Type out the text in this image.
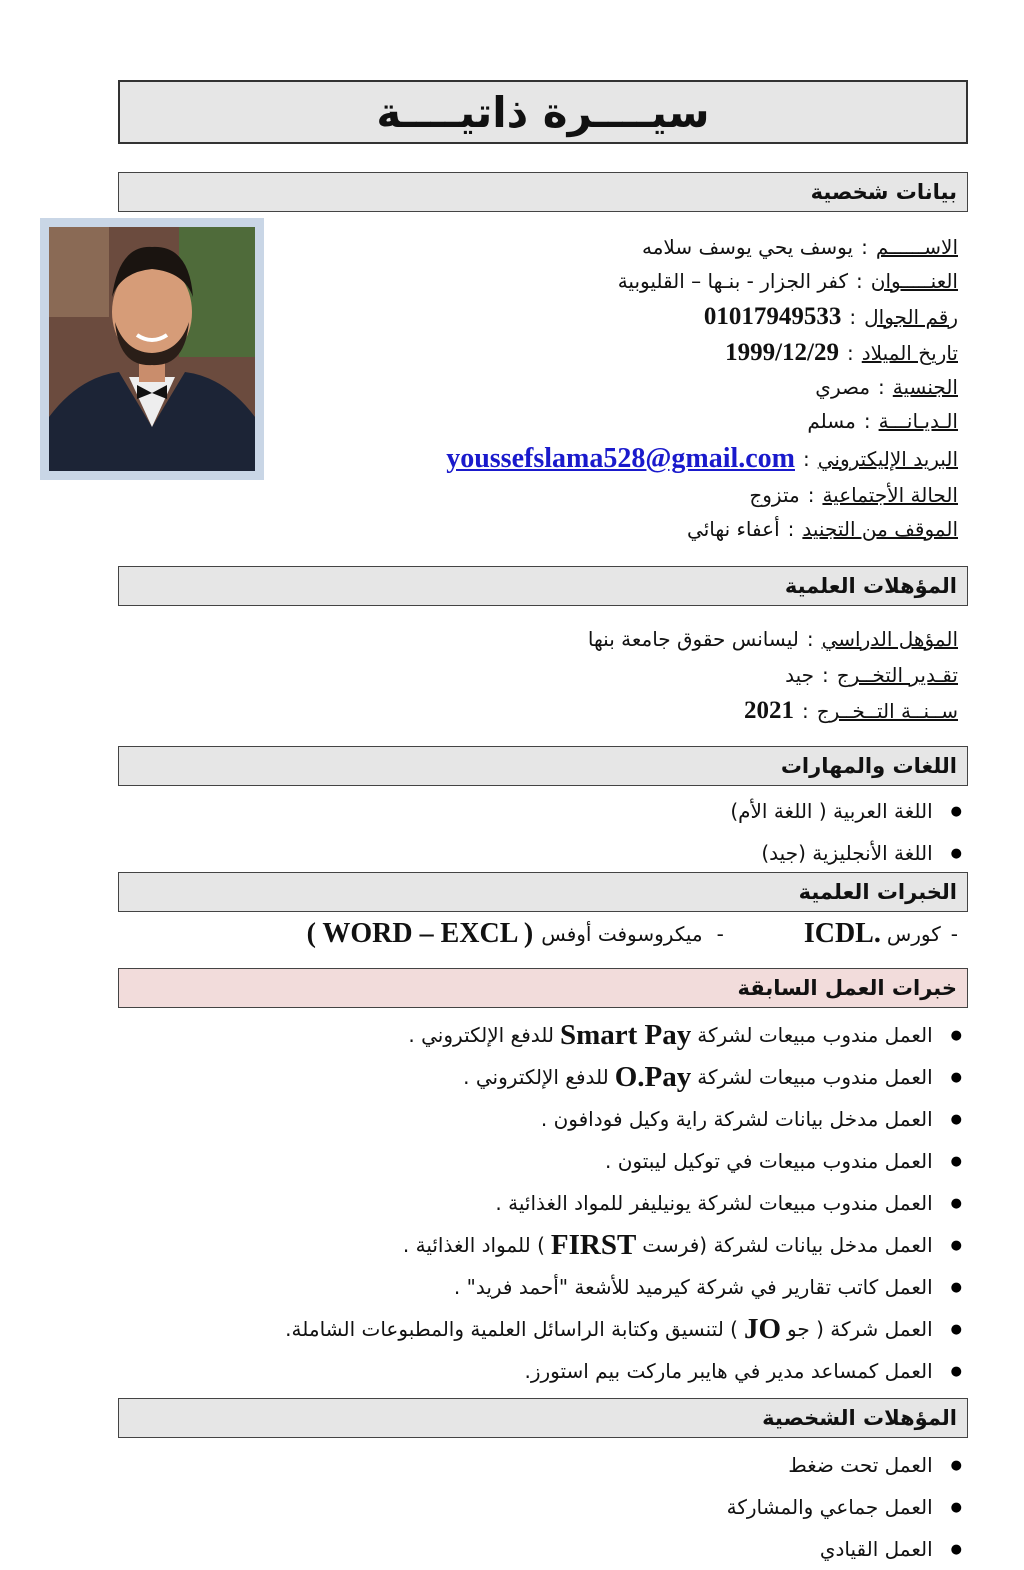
سيــــرة ذاتيــــة
بيانات شخصية
الاســــــم
:
يوسف يحي يوسف سلامه
العنـــــوان
:
كفر الجزار - بنـها – القليوبية
رقم الجوال
:
01017949533
تاريخ الميلاد
:
1999/12/29
الجنسية
:
مصري
الـديـانـــة
:
مسلم
البريد الإليكتروني
:
youssefslama528@gmail.com
الحالة الأجتماعية
:
متزوج
الموقف من التجنيد
:
أعفاء نهائي
المؤهلات العلمية
المؤهل الدراسي
:
ليسانس حقوق جامعة بنها
تقـدير التخــرج
:
جيد
ســنــة التــخــرج
:
2021
اللغات والمهارات
● اللغة العربية ( اللغة الأم)
● اللغة الأنجليزية (جيد)
الخبرات العلمية
-
كورس
ICDL.
-
ميكروسوفت أوفس
( WORD – EXCL )
خبرات العمل السابقة
● العمل مندوب مبيعات لشركة
Smart Pay
للدفع الإلكتروني .
● العمل مندوب مبيعات لشركة
O.Pay
للدفع الإلكتروني .
● العمل مدخل بيانات لشركة راية وكيل فودافون .
● العمل مندوب مبيعات في توكيل ليبتون .
● العمل مندوب مبيعات لشركة يونيليفر للمواد الغذائية .
● العمل مدخل بيانات لشركة (فرست
FIRST
) للمواد الغذائية .
● العمل كاتب تقارير في شركة كيرميد للأشعة "أحمد فريد" .
● العمل شركة ( جو
JO
) لتنسيق وكتابة الراسائل العلمية والمطبوعات الشاملة.
● العمل كمساعد مدير في هايبر ماركت بيم استورز.
المؤهلات الشخصية
● العمل تحت ضغط
● العمل جماعي والمشاركة
● العمل القيادي
